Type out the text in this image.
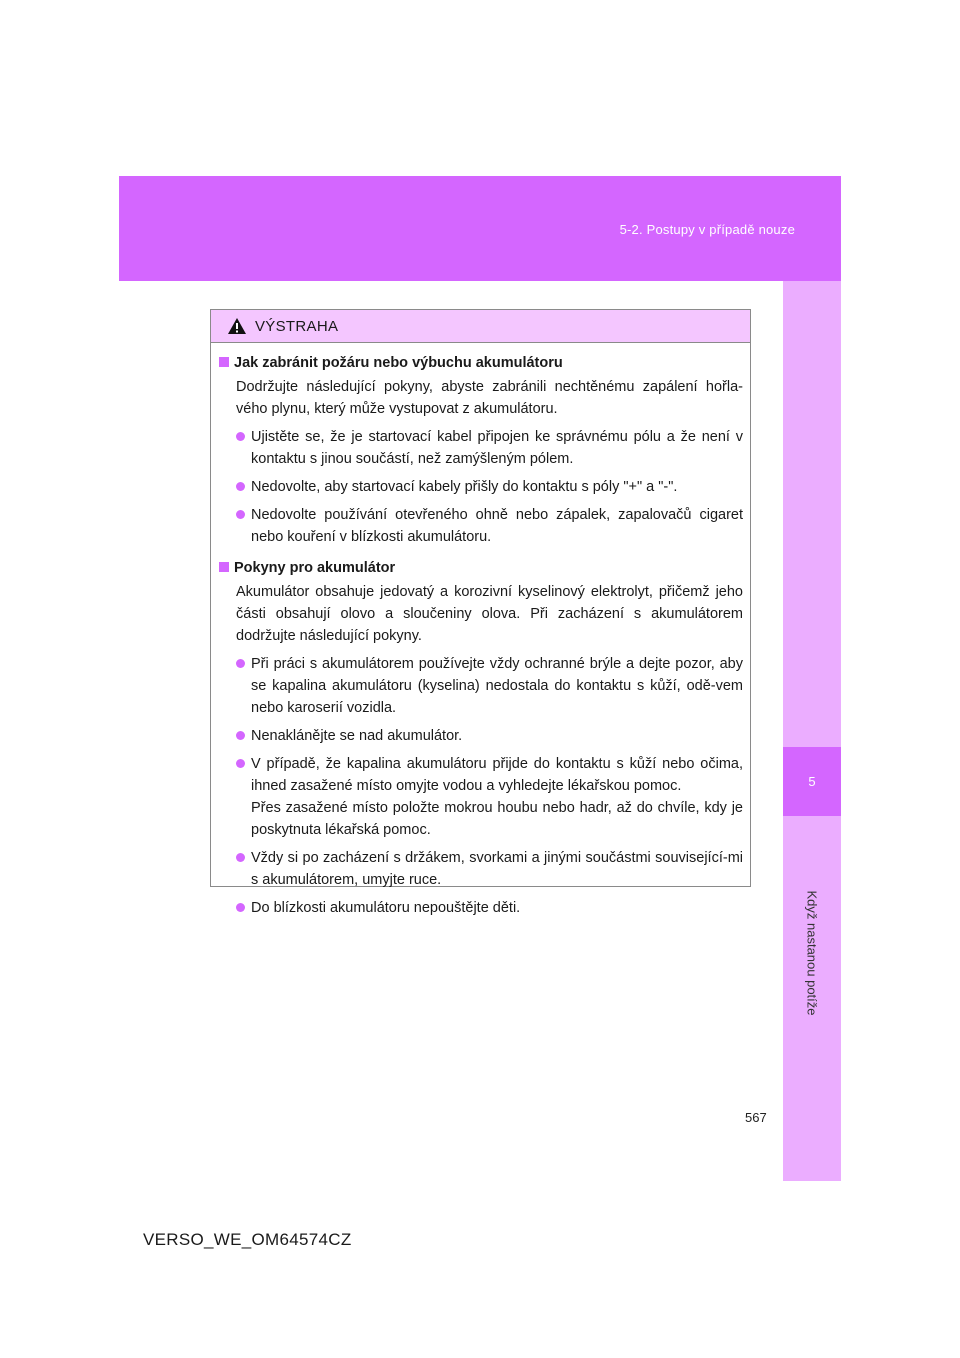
5-2. Postupy v případě nouze
5
Když nastanou potíže
VÝSTRAHA
Jak zabránit požáru nebo výbuchu akumulátoru
Dodržujte následující pokyny, abyste zabránili nechtěnému zapálení hořla-vého plynu, který může vystupovat z akumulátoru.
Ujistěte se, že je startovací kabel připojen ke správnému pólu a že není v kontaktu s jinou součástí, než zamýšleným pólem.
Nedovolte, aby startovací kabely přišly do kontaktu s póly "+" a "-".
Nedovolte používání otevřeného ohně nebo zápalek, zapalovačů cigaret nebo kouření v blízkosti akumulátoru.
Pokyny pro akumulátor
Akumulátor obsahuje jedovatý a korozivní kyselinový elektrolyt, přičemž jeho části obsahují olovo a sloučeniny olova. Při zacházení s akumulátorem dodržujte následující pokyny.
Při práci s akumulátorem používejte vždy ochranné brýle a dejte pozor, aby se kapalina akumulátoru (kyselina) nedostala do kontaktu s kůží, odě-vem nebo karoserií vozidla.
Nenaklánějte se nad akumulátor.
V případě, že kapalina akumulátoru přijde do kontaktu s kůží nebo očima, ihned zasažené místo omyjte vodou a vyhledejte lékařskou pomoc.
Přes zasažené místo položte mokrou houbu nebo hadr, až do chvíle, kdy je poskytnuta lékařská pomoc.
Vždy si po zacházení s držákem, svorkami a jinými součástmi související-mi s akumulátorem, umyjte ruce.
Do blízkosti akumulátoru nepouštějte děti.
567
VERSO_WE_OM64574CZ
